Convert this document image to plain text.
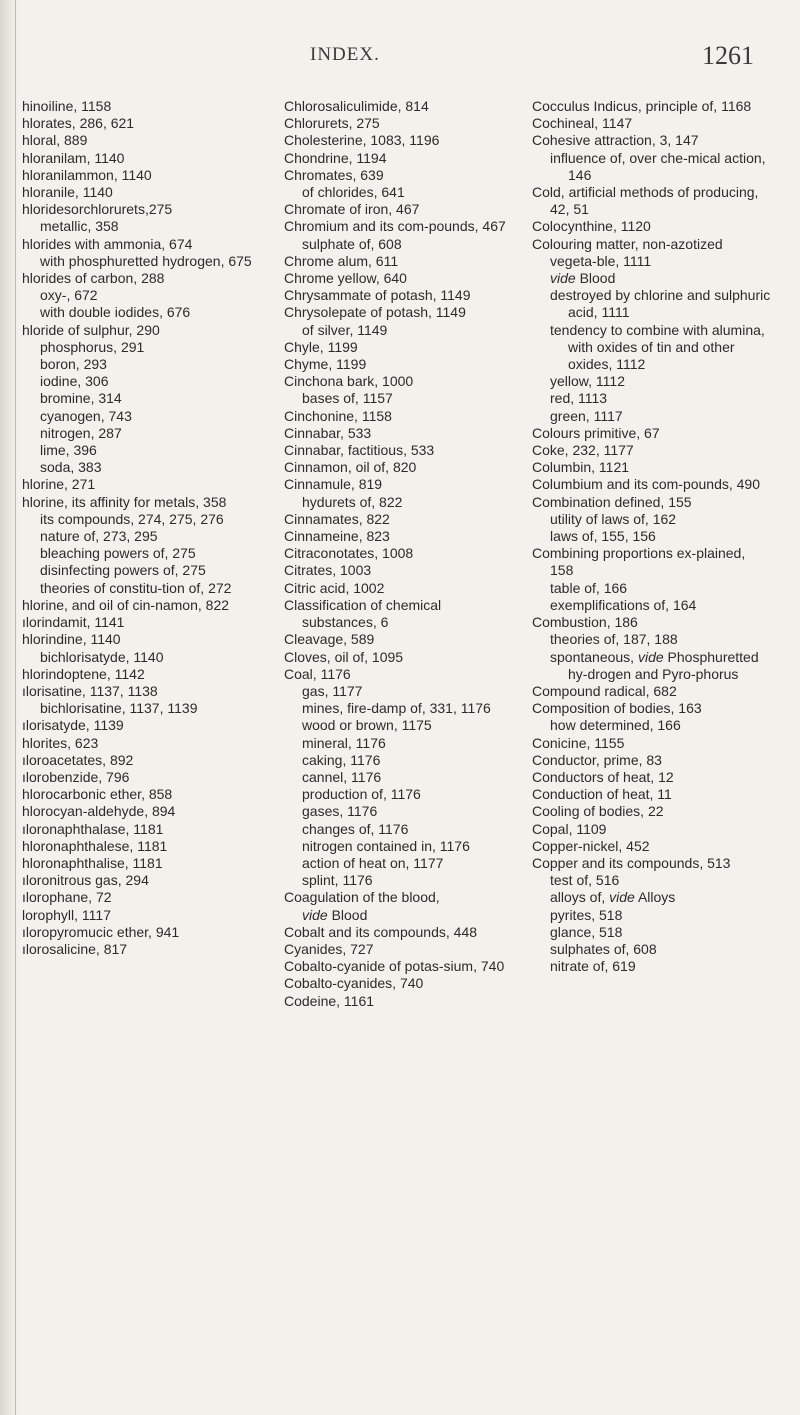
INDEX.	1261

hinoiline, 1158

hlorates, 286, 621

hloral, 889

hloranilam, 1140

hloranilammon, 1140

hloranile, 1140

hloridesorchlorurets,275

metallic, 358

hlorides with ammonia, 674

with phosphuretted hydrogen, 675

hlorides of carbon, 288

oxy-, 672

with double iodides, 676

hloride of sulphur, 290

phosphorus, 291

boron, 293

iodine, 306

bromine, 314

cyanogen, 743

nitrogen, 287

lime, 396

soda, 383

hlorine, 271

hlorine, its affinity for metals, 358

its compounds, 274, 275, 276

nature of, 273, 295

bleaching powers of, 275

disinfecting powers of, 275

theories of constitu-tion of, 272

hlorine, and oil of cin-namon, 822

ılorindamit, 1141

hlorindine, 1140

bichlorisatyde, 1140

hlorindoptene, 1142

ılorisatine, 1137, 1138

bichlorisatine, 1137, 1139

ılorisatyde, 1139

hlorites, 623

ıloroacetates, 892

ılorobenzide, 796

hlorocarbonic ether, 858

hlorocyan-aldehyde, 894

ıloronaphthalase, 1181

hloronaphthalese, 1181

hloronaphthalise, 1181

ıloronitrous gas, 294

ılorophane, 72

lorophyll, 1117

ıloropyromucic ether, 941

ılorosalicine, 817

Chlorosaliculimide, 814

Chlorurets, 275

Cholesterine, 1083, 1196

Chondrine, 1194

Chromates, 639

of chlorides, 641

Chromate of iron, 467

Chromium and its com-pounds, 467

sulphate of, 608

Chrome alum, 611

Chrome yellow, 640

Chrysammate of potash, 1149

Chrysolepate of potash, 1149

of silver, 1149

Chyle, 1199

Chyme, 1199

Cinchona bark, 1000

bases of, 1157

Cinchonine, 1158

Cinnabar, 533

Cinnabar, factitious, 533

Cinnamon, oil of, 820

Cinnamule, 819

hydurets of, 822

Cinnamates, 822

Cinnameine, 823

Citraconotates, 1008

Citrates, 1003

Citric acid, 1002

Classification of chemical substances, 6

Cleavage, 589

Cloves, oil of, 1095

Coal, 1176

gas, 1177

mines, fire-damp of, 331, 1176

wood or brown, 1175

mineral, 1176

caking, 1176

cannel, 1176

production of, 1176

gases, 1176

changes of, 1176

nitrogen contained in, 1176

action of heat on, 1177

splint, 1176

Coagulation of the blood,

vide Blood

Cobalt and its compounds, 448

Cyanides, 727

Cobalto-cyanide of potas-sium, 740

Cobalto-cyanides, 740

Codeine, 1161

Cocculus Indicus, principle of, 1168

Cochineal, 1147

Cohesive attraction, 3, 147

influence of, over che-mical action, 146

Cold, artificial methods of producing, 42, 51

Colocynthine, 1120

Colouring matter, non-azotized vegeta-ble, 1111

vide Blood

destroyed by chlorine and sulphuric acid, 1111

tendency to combine with alumina, with oxides of tin and other oxides, 1112

yellow, 1112

red, 1113

green, 1117

Colours primitive, 67

Coke, 232, 1177

Columbin, 1121

Columbium and its com-pounds, 490

Combination defined, 155

utility of laws of, 162

laws of, 155, 156

Combining proportions ex-plained, 158

table of, 166

exemplifications of, 164

Combustion, 186

theories of, 187, 188

spontaneous, vide Phosphuretted hy-drogen and Pyro-phorus

Compound radical, 682

Composition of bodies, 163

how determined, 166

Conicine, 1155

Conductor, prime, 83

Conductors of heat, 12

Conduction of heat, 11

Cooling of bodies, 22

Copal, 1109

Copper-nickel, 452

Copper and its compounds, 513

test of, 516

alloys of, vide Alloys

pyrites, 518

glance, 518

sulphates of, 608

nitrate of, 619
